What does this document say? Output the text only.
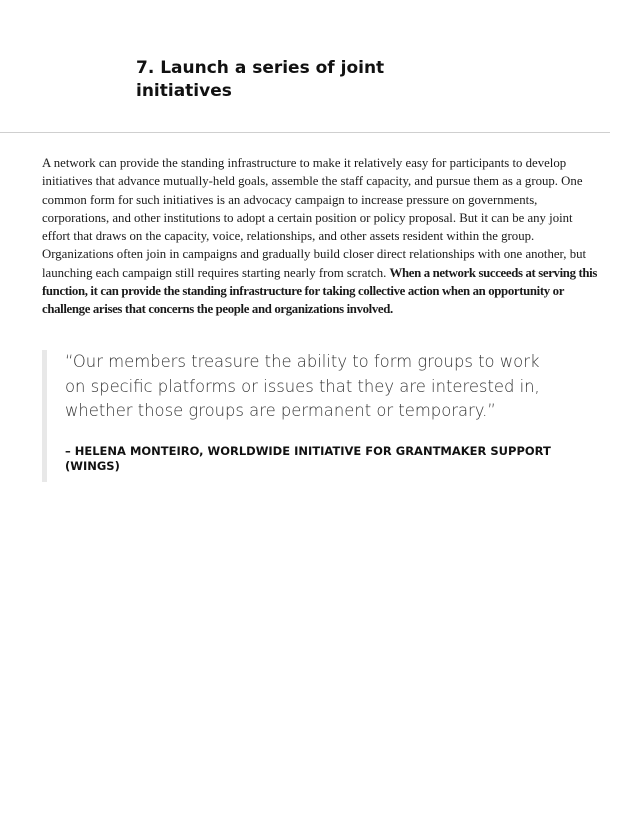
7. Launch a series of joint initiatives

A network can provide the standing infrastructure to make it relatively easy for participants to develop initiatives that advance mutually-held goals, assemble the staff capacity, and pursue them as a group. One common form for such initiatives is an advocacy campaign to increase pressure on governments, corporations, and other institutions to adopt a certain position or policy proposal. But it can be any joint effort that draws on the capacity, voice, relationships, and other assets resident within the group. Organizations often join in campaigns and gradually build closer direct relationships with one another, but launching each campaign still requires starting nearly from scratch. When a network succeeds at serving this function, it can provide the standing infrastructure for taking collective action when an opportunity or challenge arises that concerns the people and organizations involved.

“Our members treasure the ability to form groups to work on specific platforms or issues that they are interested in, whether those groups are permanent or temporary.”

– HELENA MONTEIRO, WORLDWIDE INITIATIVE FOR GRANTMAKER SUPPORT (WINGS)
